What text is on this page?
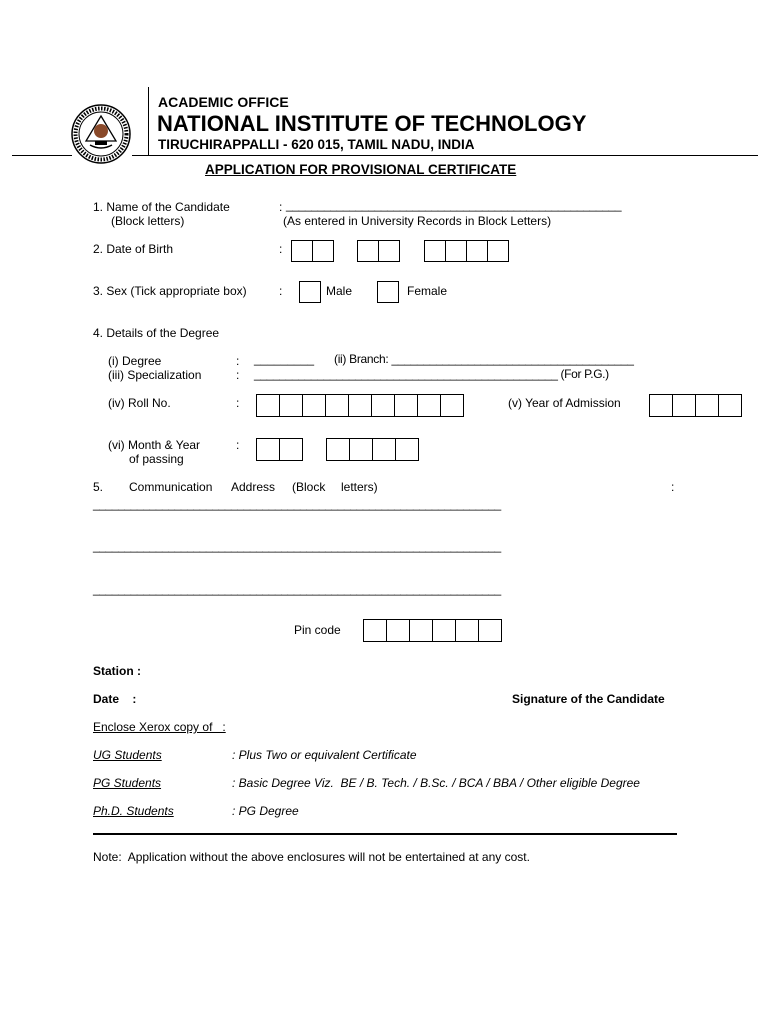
ACADEMIC OFFICE
NATIONAL INSTITUTE OF TECHNOLOGY
TIRUCHIRAPPALLI - 620 015, TAMIL NADU, INDIA
APPLICATION FOR PROVISIONAL CERTIFICATE
1. Name of the Candidate
(Block letters)
: _____________________________________________________
(As entered in University Records in Block Letters)
2. Date of Birth	:
3. Sex (Tick appropriate box)	:	Male	Female
4. Details of the Degree
(i) Degree	: _________ (ii) Branch: ______________________________________
(iii) Specialization	: ________________________________________________ (For P.G.)
(iv) Roll No.	:	(v) Year of Admission
(vi) Month & Year
of passing
:
5. Communication Address (Block letters)	:
_________________________________________________________________
_________________________________________________________________
_________________________________________________________________
Pin code
Station :
Date    :	Signature of the Candidate
Enclose Xerox copy of   :
UG Students	: Plus Two or equivalent Certificate
PG Students	: Basic Degree Viz.  BE / B. Tech. / B.Sc. / BCA / BBA / Other eligible Degree
Ph.D. Students	: PG Degree
Note:  Application without the above enclosures will not be entertained at any cost.
